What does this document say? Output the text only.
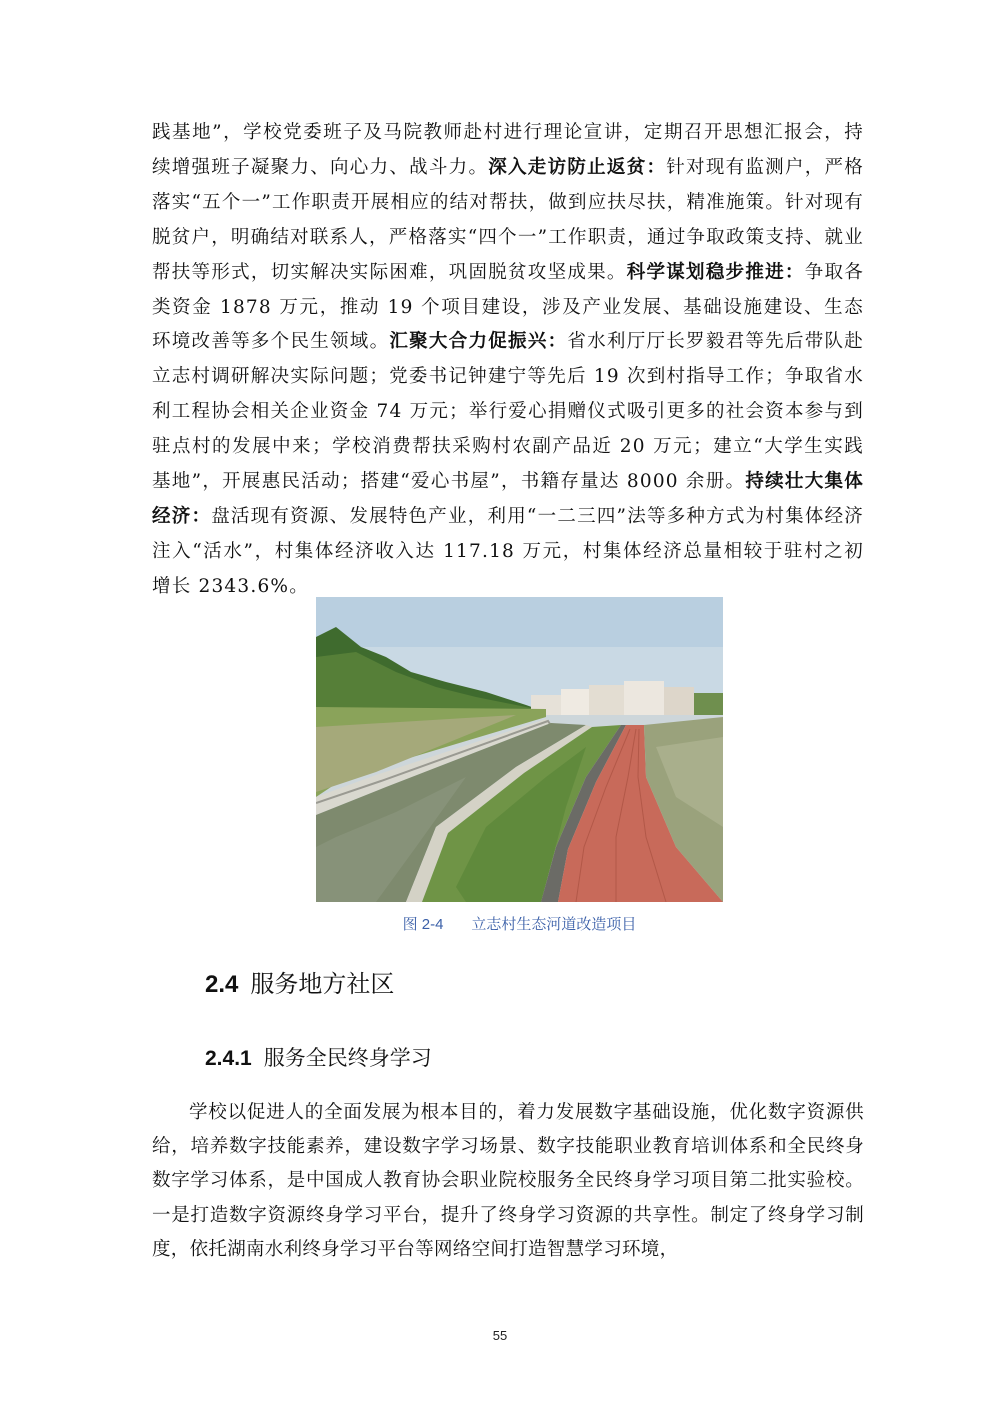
践基地”，学校党委班子及马院教师赴村进行理论宣讲，定期召开思想汇报会，持续增强班子凝聚力、向心力、战斗力。深入走访防止返贫：针对现有监测户，严格落实“五个一”工作职责开展相应的结对帮扶，做到应扶尽扶，精准施策。针对现有脱贫户，明确结对联系人，严格落实“四个一”工作职责，通过争取政策支持、就业帮扶等形式，切实解决实际困难，巩固脱贫攻坚成果。科学谋划稳步推进：争取各类资金 1878 万元，推动 19 个项目建设，涉及产业发展、基础设施建设、生态环境改善等多个民生领域。汇聚大合力促振兴：省水利厅厅长罗毅君等先后带队赴立志村调研解决实际问题；党委书记钟建宁等先后 19 次到村指导工作；争取省水利工程协会相关企业资金 74 万元；举行爱心捐赠仪式吸引更多的社会资本参与到驻点村的发展中来；学校消费帮扶采购村农副产品近 20 万元；建立“大学生实践基地”，开展惠民活动；搭建“爱心书屋”，书籍存量达 8000 余册。持续壮大集体经济：盘活现有资源、发展特色产业，利用“一二三四”法等多种方式为村集体经济注入“活水”，村集体经济收入达 117.18 万元，村集体经济总量相较于驻村之初增长 2343.6%。

图 2-4 立志村生态河道改造项目
2.4 服务地方社区
2.4.1 服务全民终身学习

学校以促进人的全面发展为根本目的，着力发展数字基础设施，优化数字资源供给，培养数字技能素养，建设数字学习场景、数字技能职业教育培训体系和全民终身数字学习体系，是中国成人教育协会职业院校服务全民终身学习项目第二批实验校。一是打造数字资源终身学习平台，提升了终身学习资源的共享性。制定了终身学习制度，依托湖南水利终身学习平台等网络空间打造智慧学习环境，

55
